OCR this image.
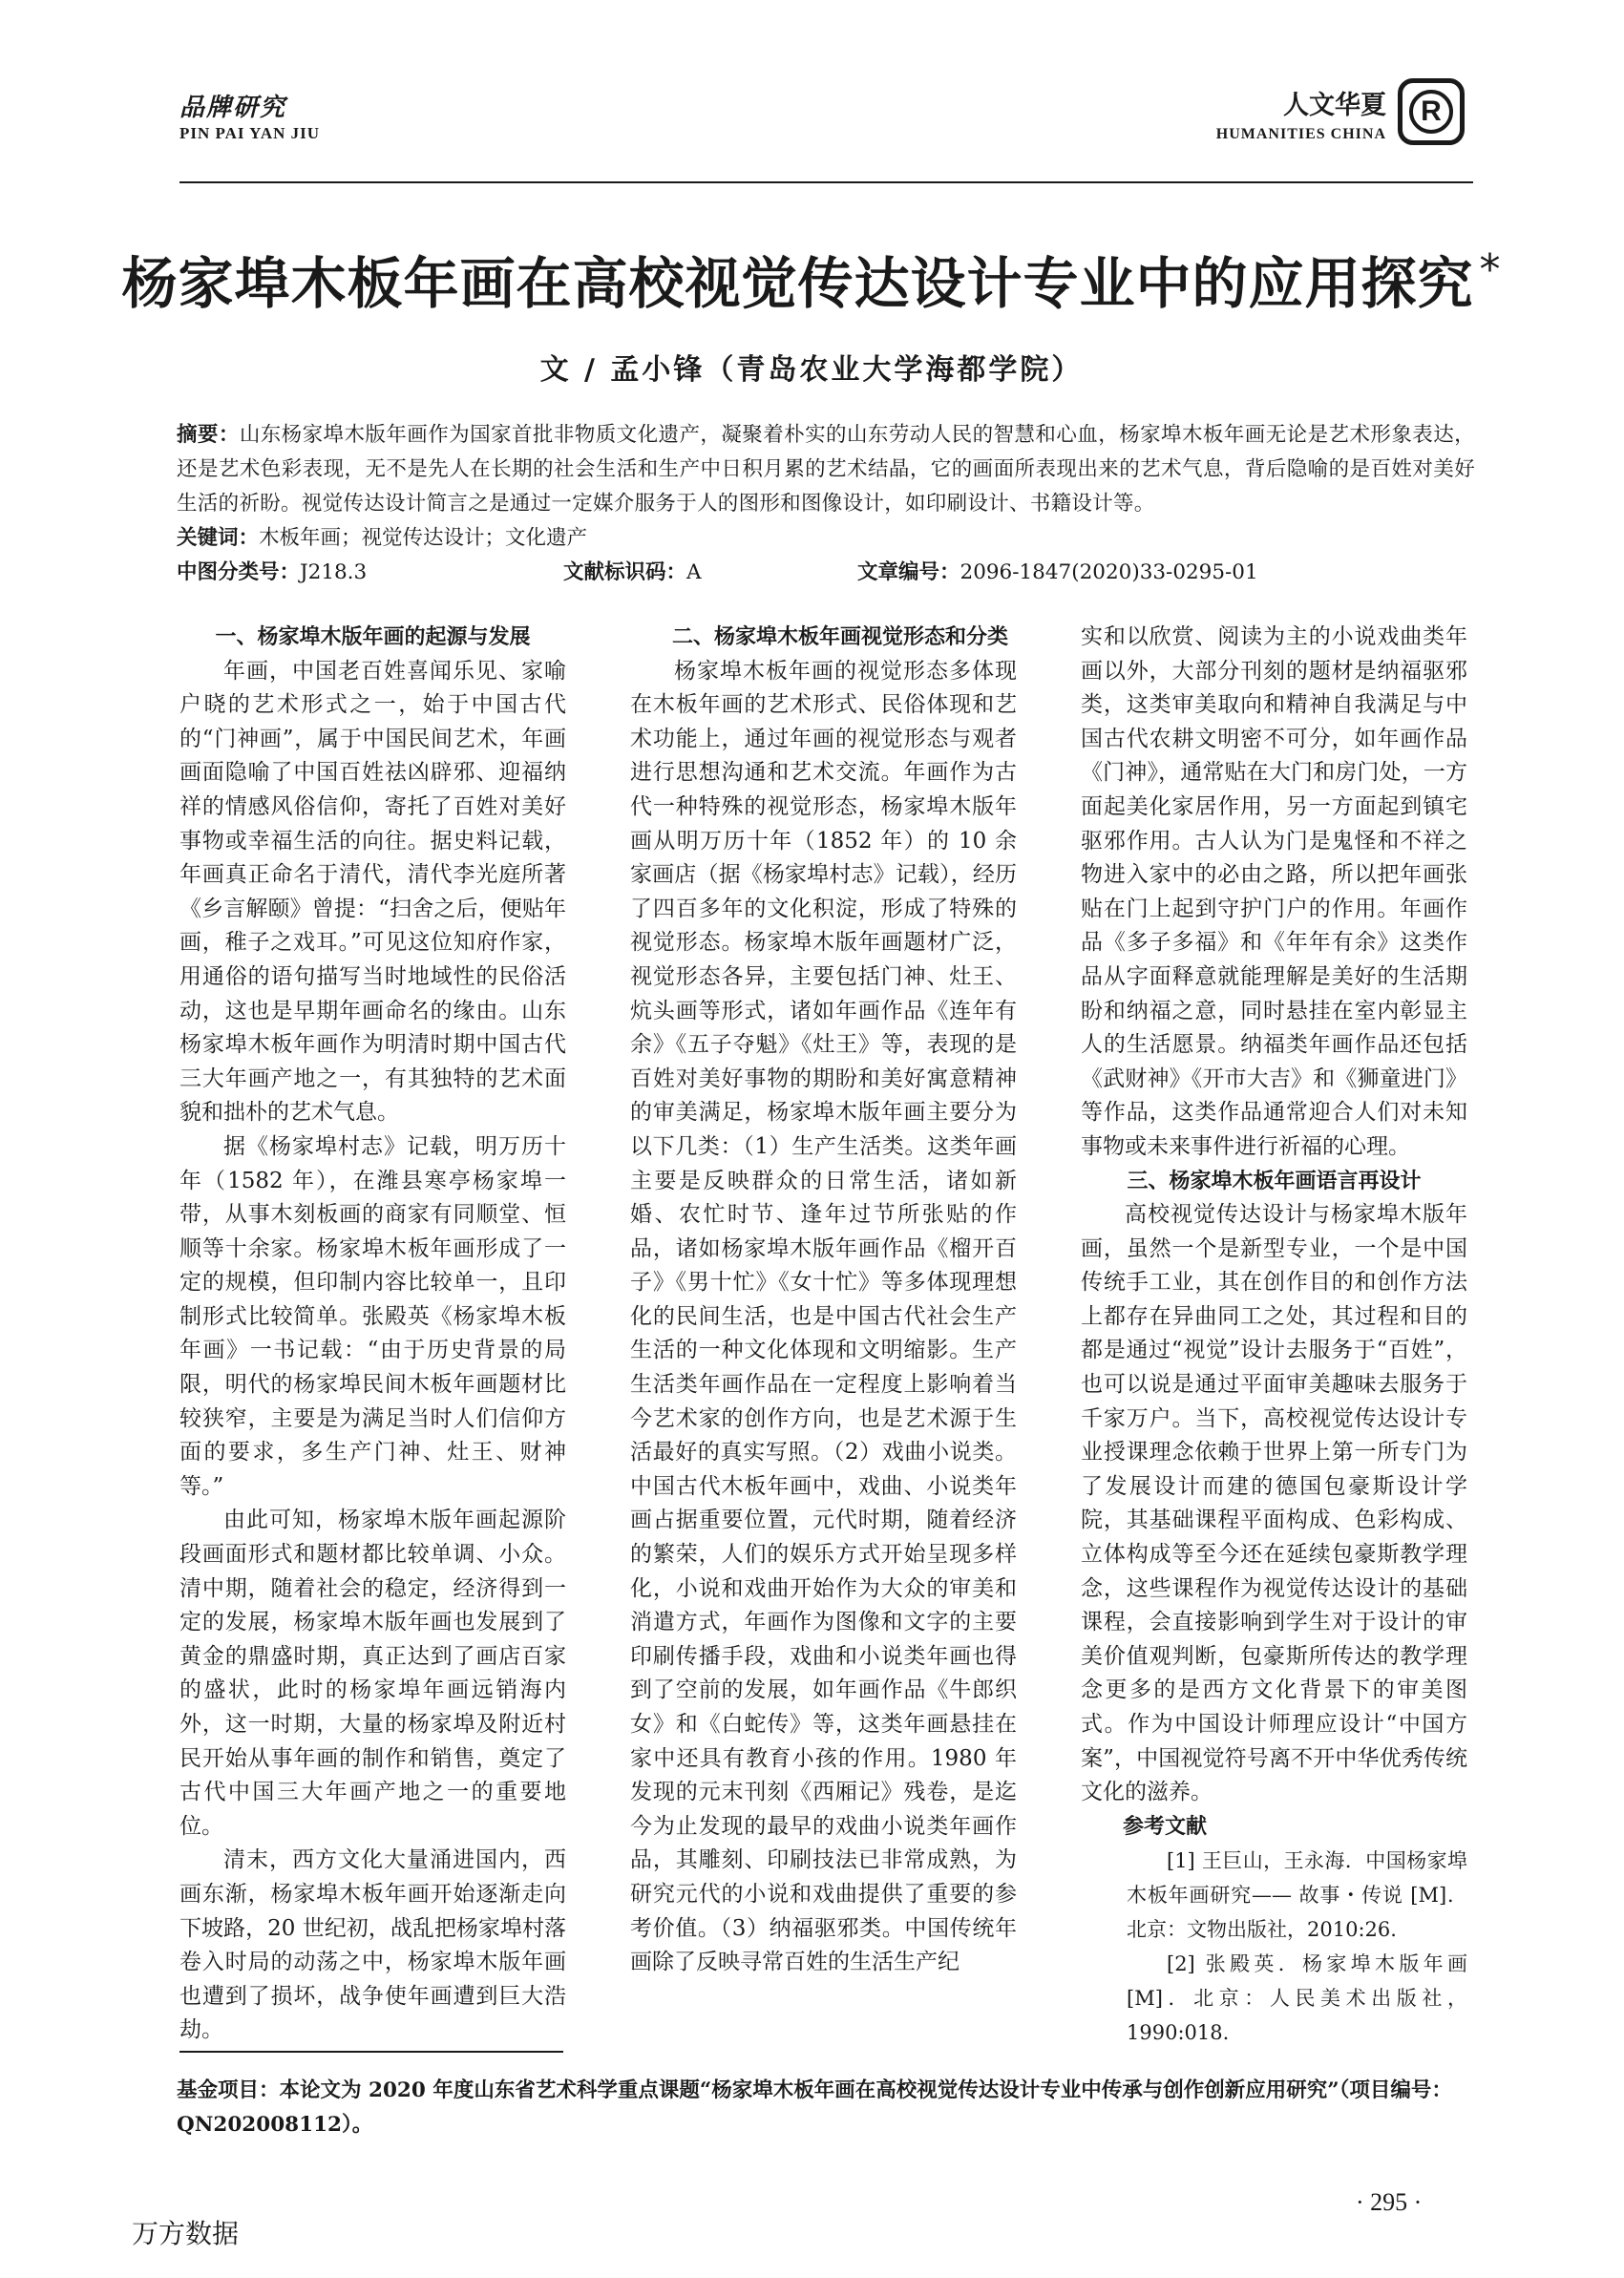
品牌研究
PIN PAI YAN JIU
人文华夏
HUMANITIES CHINA
R
杨家埠木板年画在高校视觉传达设计专业中的应用探究 *
文 / 孟小锋（青岛农业大学海都学院）
摘要：山东杨家埠木版年画作为国家首批非物质文化遗产，凝聚着朴实的山东劳动人民的智慧和心血，杨家埠木板年画无论是艺术形象表达，还是艺术色彩表现，无不是先人在长期的社会生活和生产中日积月累的艺术结晶，它的画面所表现出来的艺术气息，背后隐喻的是百姓对美好生活的祈盼。视觉传达设计简言之是通过一定媒介服务于人的图形和图像设计，如印刷设计、书籍设计等。
关键词：木板年画；视觉传达设计；文化遗产
中图分类号：J218.3	文献标识码：A	文章编号：2096-1847(2020)33-0295-01
一、杨家埠木版年画的起源与发展

年画，中国老百姓喜闻乐见、家喻户晓的艺术形式之一，始于中国古代的“门神画”，属于中国民间艺术，年画画面隐喻了中国百姓祛凶辟邪、迎福纳祥的情感风俗信仰，寄托了百姓对美好事物或幸福生活的向往。据史料记载，年画真正命名于清代，清代李光庭所著《乡言解颐》曾提：“扫舍之后，便贴年画，稚子之戏耳。”可见这位知府作家，用通俗的语句描写当时地域性的民俗活动，这也是早期年画命名的缘由。山东杨家埠木板年画作为明清时期中国古代三大年画产地之一，有其独特的艺术面貌和拙朴的艺术气息。

据《杨家埠村志》记载，明万历十年（1582 年），在潍县寒亭杨家埠一带，从事木刻板画的商家有同顺堂、恒顺等十余家。杨家埠木板年画形成了一定的规模，但印制内容比较单一，且印制形式比较简单。张殿英《杨家埠木板年画》一书记载：“由于历史背景的局限，明代的杨家埠民间木板年画题材比较狭窄，主要是为满足当时人们信仰方面的要求，多生产门神、灶王、财神等。”

由此可知，杨家埠木版年画起源阶段画面形式和题材都比较单调、小众。清中期，随着社会的稳定，经济得到一定的发展，杨家埠木版年画也发展到了黄金的鼎盛时期，真正达到了画店百家的盛状，此时的杨家埠年画远销海内外，这一时期，大量的杨家埠及附近村民开始从事年画的制作和销售，奠定了古代中国三大年画产地之一的重要地位。

清末，西方文化大量涌进国内，西画东渐，杨家埠木板年画开始逐渐走向下坡路，20 世纪初，战乱把杨家埠村落卷入时局的动荡之中，杨家埠木版年画也遭到了损坏，战争使年画遭到巨大浩劫。

二、杨家埠木板年画视觉形态和分类

杨家埠木板年画的视觉形态多体现在木板年画的艺术形式、民俗体现和艺术功能上，通过年画的视觉形态与观者进行思想沟通和艺术交流。年画作为古代一种特殊的视觉形态，杨家埠木版年画从明万历十年（1852 年）的 10 余家画店（据《杨家埠村志》记载），经历了四百多年的文化积淀，形成了特殊的视觉形态。杨家埠木版年画题材广泛，视觉形态各异，主要包括门神、灶王、炕头画等形式，诸如年画作品《连年有余》《五子夺魁》《灶王》等，表现的是百姓对美好事物的期盼和美好寓意精神的审美满足，杨家埠木版年画主要分为以下几类：（1）生产生活类。这类年画主要是反映群众的日常生活，诸如新婚、农忙时节、逢年过节所张贴的作品，诸如杨家埠木版年画作品《榴开百子》《男十忙》《女十忙》等多体现理想化的民间生活，也是中国古代社会生产生活的一种文化体现和文明缩影。生产生活类年画作品在一定程度上影响着当今艺术家的创作方向，也是艺术源于生活最好的真实写照。（2）戏曲小说类。中国古代木板年画中，戏曲、小说类年画占据重要位置，元代时期，随着经济的繁荣，人们的娱乐方式开始呈现多样化，小说和戏曲开始作为大众的审美和消遣方式，年画作为图像和文字的主要印刷传播手段，戏曲和小说类年画也得到了空前的发展，如年画作品《牛郎织女》和《白蛇传》等，这类年画悬挂在家中还具有教育小孩的作用。1980 年发现的元末刊刻《西厢记》残卷，是迄今为止发现的最早的戏曲小说类年画作品，其雕刻、印刷技法已非常成熟，为研究元代的小说和戏曲提供了重要的参考价值。（3）纳福驱邪类。中国传统年画除了反映寻常百姓的生活生产纪

实和以欣赏、阅读为主的小说戏曲类年画以外，大部分刊刻的题材是纳福驱邪类，这类审美取向和精神自我满足与中国古代农耕文明密不可分，如年画作品《门神》，通常贴在大门和房门处，一方面起美化家居作用，另一方面起到镇宅驱邪作用。古人认为门是鬼怪和不祥之物进入家中的必由之路，所以把年画张贴在门上起到守护门户的作用。年画作品《多子多福》和《年年有余》这类作品从字面释意就能理解是美好的生活期盼和纳福之意，同时悬挂在室内彰显主人的生活愿景。纳福类年画作品还包括《武财神》《开市大吉》和《狮童进门》等作品，这类作品通常迎合人们对未知事物或未来事件进行祈福的心理。

三、杨家埠木板年画语言再设计

高校视觉传达设计与杨家埠木版年画，虽然一个是新型专业，一个是中国传统手工业，其在创作目的和创作方法上都存在异曲同工之处，其过程和目的都是通过“视觉”设计去服务于“百姓”，也可以说是通过平面审美趣味去服务于千家万户。当下，高校视觉传达设计专业授课理念依赖于世界上第一所专门为了发展设计而建的德国包豪斯设计学院，其基础课程平面构成、色彩构成、立体构成等至今还在延续包豪斯教学理念，这些课程作为视觉传达设计的基础课程，会直接影响到学生对于设计的审美价值观判断，包豪斯所传达的教学理念更多的是西方文化背景下的审美图式。作为中国设计师理应设计“中国方案”，中国视觉符号离不开中华优秀传统文化的滋养。

参考文献

[1] 王巨山，王永海．中国杨家埠木板年画研究—— 故事・传说 [M]．北京：文物出版社，2010:26.

[2] 张殿英．杨家埠木版年画 [M]．北京：人民美术出版社，1990:018.

基金项目：本论文为 2020 年度山东省艺术科学重点课题“杨家埠木板年画在高校视觉传达设计专业中传承与创作创新应用研究”（项目编号：QN202008112）。
· 295 ·
万方数据
